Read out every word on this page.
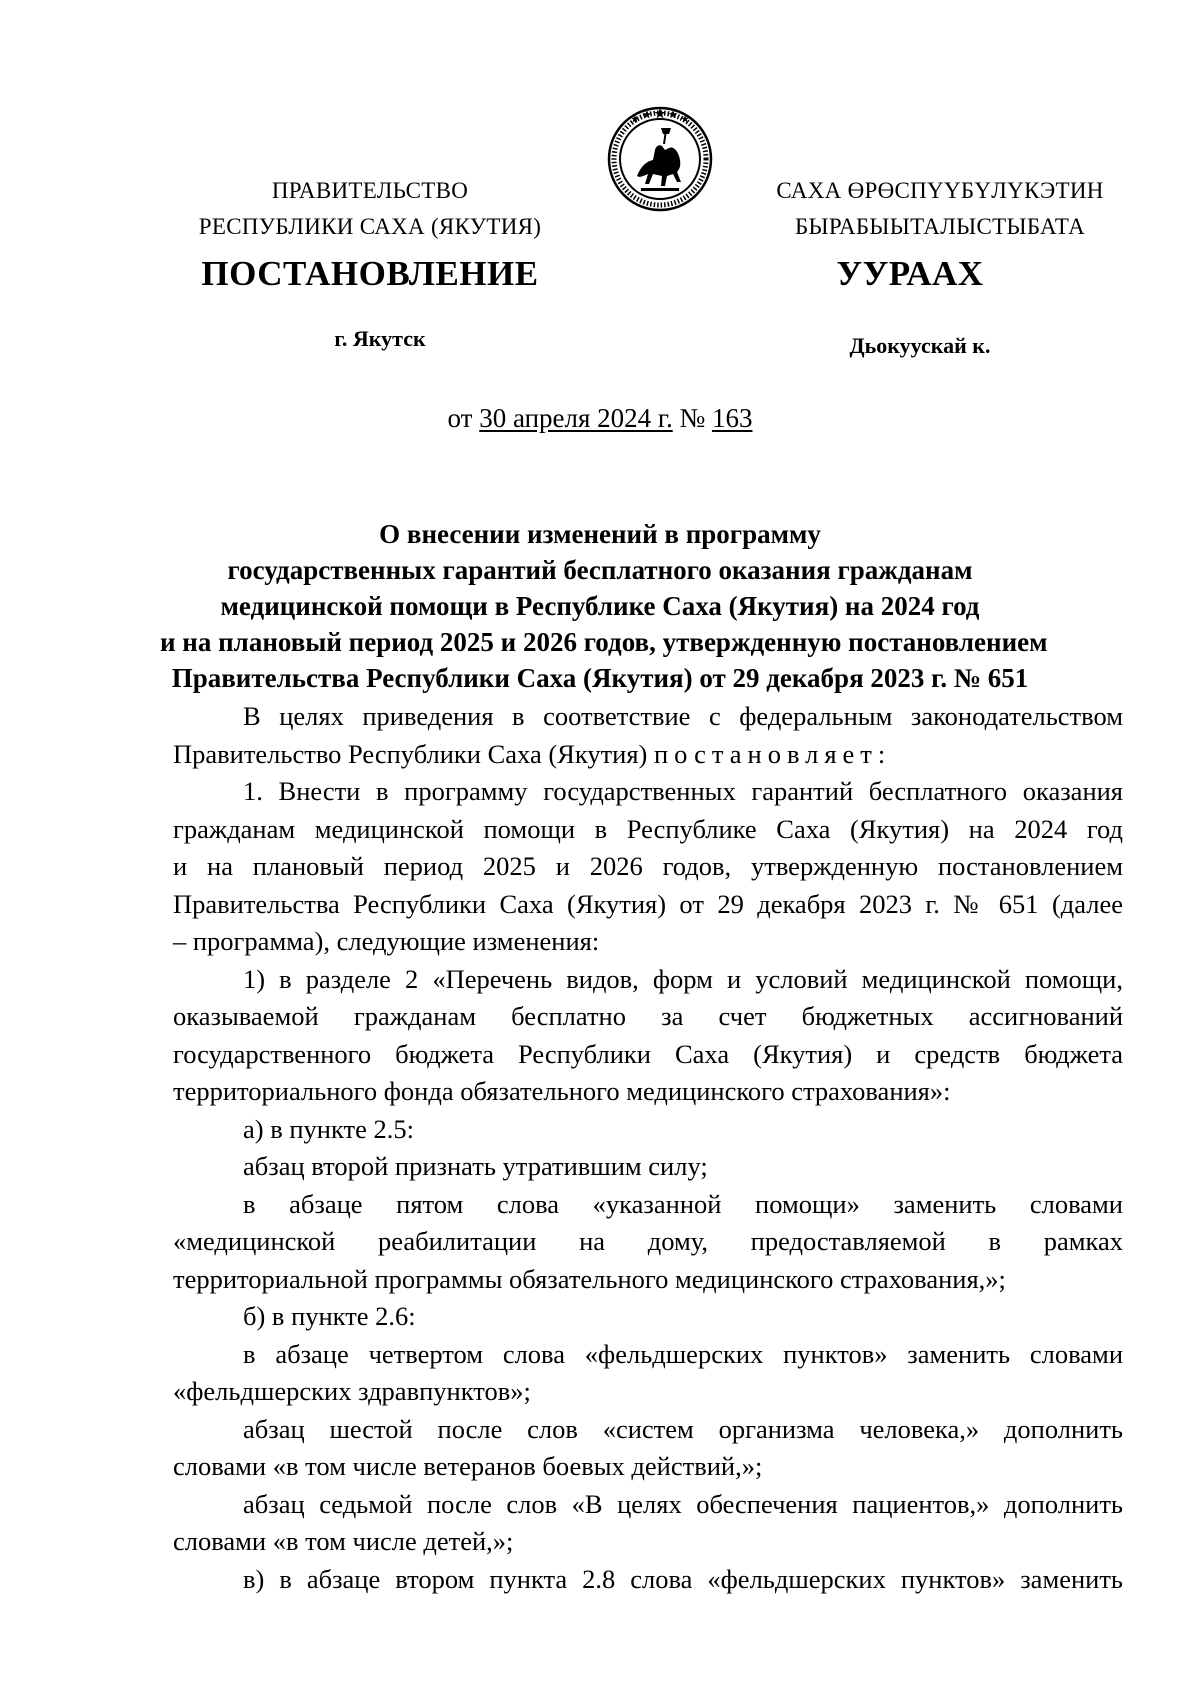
ПРАВИТЕЛЬСТВО
РЕСПУБЛИКИ САХА (ЯКУТИЯ)
САХА ӨРӨСПҮҮБҮЛҮКЭТИН
БЫРАБЫЫТАЛЫСТЫБАТА
ПОСТАНОВЛЕНИЕ	УУРААХ
г. Якутск	Дьокуускай к.
от 30 апреля 2024 г. № 163
О внесении изменений в программу
государственных гарантий бесплатного оказания гражданам
медицинской помощи в Республике Саха (Якутия) на 2024 год
и на плановый период 2025 и 2026 годов, утвержденную постановлением
Правительства Республики Саха (Якутия) от 29 декабря 2023 г. № 651
В целях приведения в соответствие с федеральным законодательством
Правительство Республики Саха (Якутия) постановляет:
1. Внести в программу государственных гарантий бесплатного оказания
гражданам медицинской помощи в Республике Саха (Якутия) на 2024 год
и на плановый период 2025 и 2026 годов, утвержденную постановлением
Правительства Республики Саха (Якутия) от 29 декабря 2023 г. № 651 (далее
– программа), следующие изменения:
1) в разделе 2 «Перечень видов, форм и условий медицинской помощи,
оказываемой гражданам бесплатно за счет бюджетных ассигнований
государственного бюджета Республики Саха (Якутия) и средств бюджета
территориального фонда обязательного медицинского страхования»:
а) в пункте 2.5:
абзац второй признать утратившим силу;
в абзаце пятом слова «указанной помощи» заменить словами
«медицинской реабилитации на дому, предоставляемой в рамках
территориальной программы обязательного медицинского страхования,»;
б) в пункте 2.6:
в абзаце четвертом слова «фельдшерских пунктов» заменить словами
«фельдшерских здравпунктов»;
абзац шестой после слов «систем организма человека,» дополнить
словами «в том числе ветеранов боевых действий,»;
абзац седьмой после слов «В целях обеспечения пациентов,» дополнить
словами «в том числе детей,»;
в) в абзаце втором пункта 2.8 слова «фельдшерских пунктов» заменить
